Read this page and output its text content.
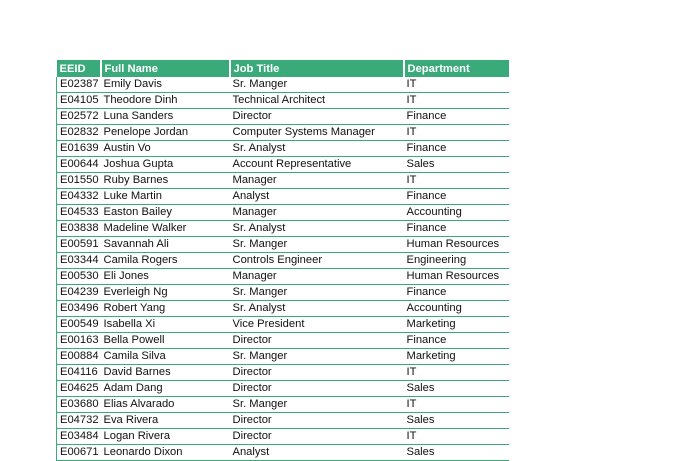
EEID	Full Name	Job Title	Department
E02387	Emily Davis	Sr. Manger	IT
E04105	Theodore Dinh	Technical Architect	IT
E02572	Luna Sanders	Director	Finance
E02832	Penelope Jordan	Computer Systems Manager	IT
E01639	Austin Vo	Sr. Analyst	Finance
E00644	Joshua Gupta	Account Representative	Sales
E01550	Ruby Barnes	Manager	IT
E04332	Luke Martin	Analyst	Finance
E04533	Easton Bailey	Manager	Accounting
E03838	Madeline Walker	Sr. Analyst	Finance
E00591	Savannah Ali	Sr. Manger	Human Resources
E03344	Camila Rogers	Controls Engineer	Engineering
E00530	Eli Jones	Manager	Human Resources
E04239	Everleigh Ng	Sr. Manger	Finance
E03496	Robert Yang	Sr. Analyst	Accounting
E00549	Isabella Xi	Vice President	Marketing
E00163	Bella Powell	Director	Finance
E00884	Camila Silva	Sr. Manger	Marketing
E04116	David Barnes	Director	IT
E04625	Adam Dang	Director	Sales
E03680	Elias Alvarado	Sr. Manger	IT
E04732	Eva Rivera	Director	Sales
E03484	Logan Rivera	Director	IT
E00671	Leonardo Dixon	Analyst	Sales
